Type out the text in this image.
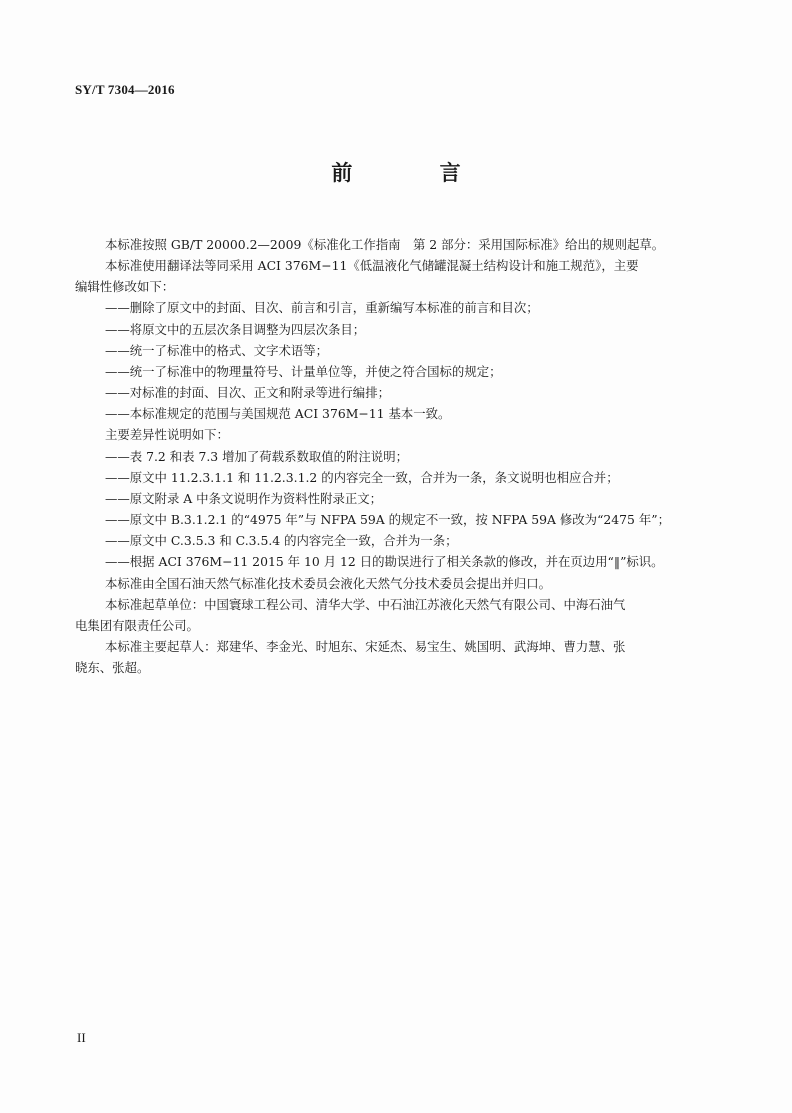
SY/T 7304—2016
前 言

本标准按照 GB/T 20000.2—2009《标准化工作指南　第 2 部分：采用国际标准》给出的规则起草。

本标准使用翻译法等同采用 ACI 376M−11《低温液化气储罐混凝土结构设计和施工规范》，主要

编辑性修改如下：

——删除了原文中的封面、目次、前言和引言，重新编写本标准的前言和目次；

——将原文中的五层次条目调整为四层次条目；

——统一了标准中的格式、文字术语等；

——统一了标准中的物理量符号、计量单位等，并使之符合国标的规定；

——对标准的封面、目次、正文和附录等进行编排；

——本标准规定的范围与美国规范 ACI 376M−11 基本一致。

主要差异性说明如下：

——表 7.2 和表 7.3 增加了荷载系数取值的附注说明；

——原文中 11.2.3.1.1 和 11.2.3.1.2 的内容完全一致，合并为一条，条文说明也相应合并；

——原文附录 A 中条文说明作为资料性附录正文；

——原文中 B.3.1.2.1 的“4975 年”与 NFPA 59A 的规定不一致，按 NFPA 59A 修改为“2475 年”；

——原文中 C.3.5.3 和 C.3.5.4 的内容完全一致，合并为一条；

——根据 ACI 376M−11 2015 年 10 月 12 日的勘误进行了相关条款的修改，并在页边用“‖”标识。

本标准由全国石油天然气标准化技术委员会液化天然气分技术委员会提出并归口。

本标准起草单位：中国寰球工程公司、清华大学、中石油江苏液化天然气有限公司、中海石油气

电集团有限责任公司。

本标准主要起草人：郑建华、李金光、时旭东、宋延杰、易宝生、姚国明、武海坤、曹力慧、张

晓东、张超。

II
